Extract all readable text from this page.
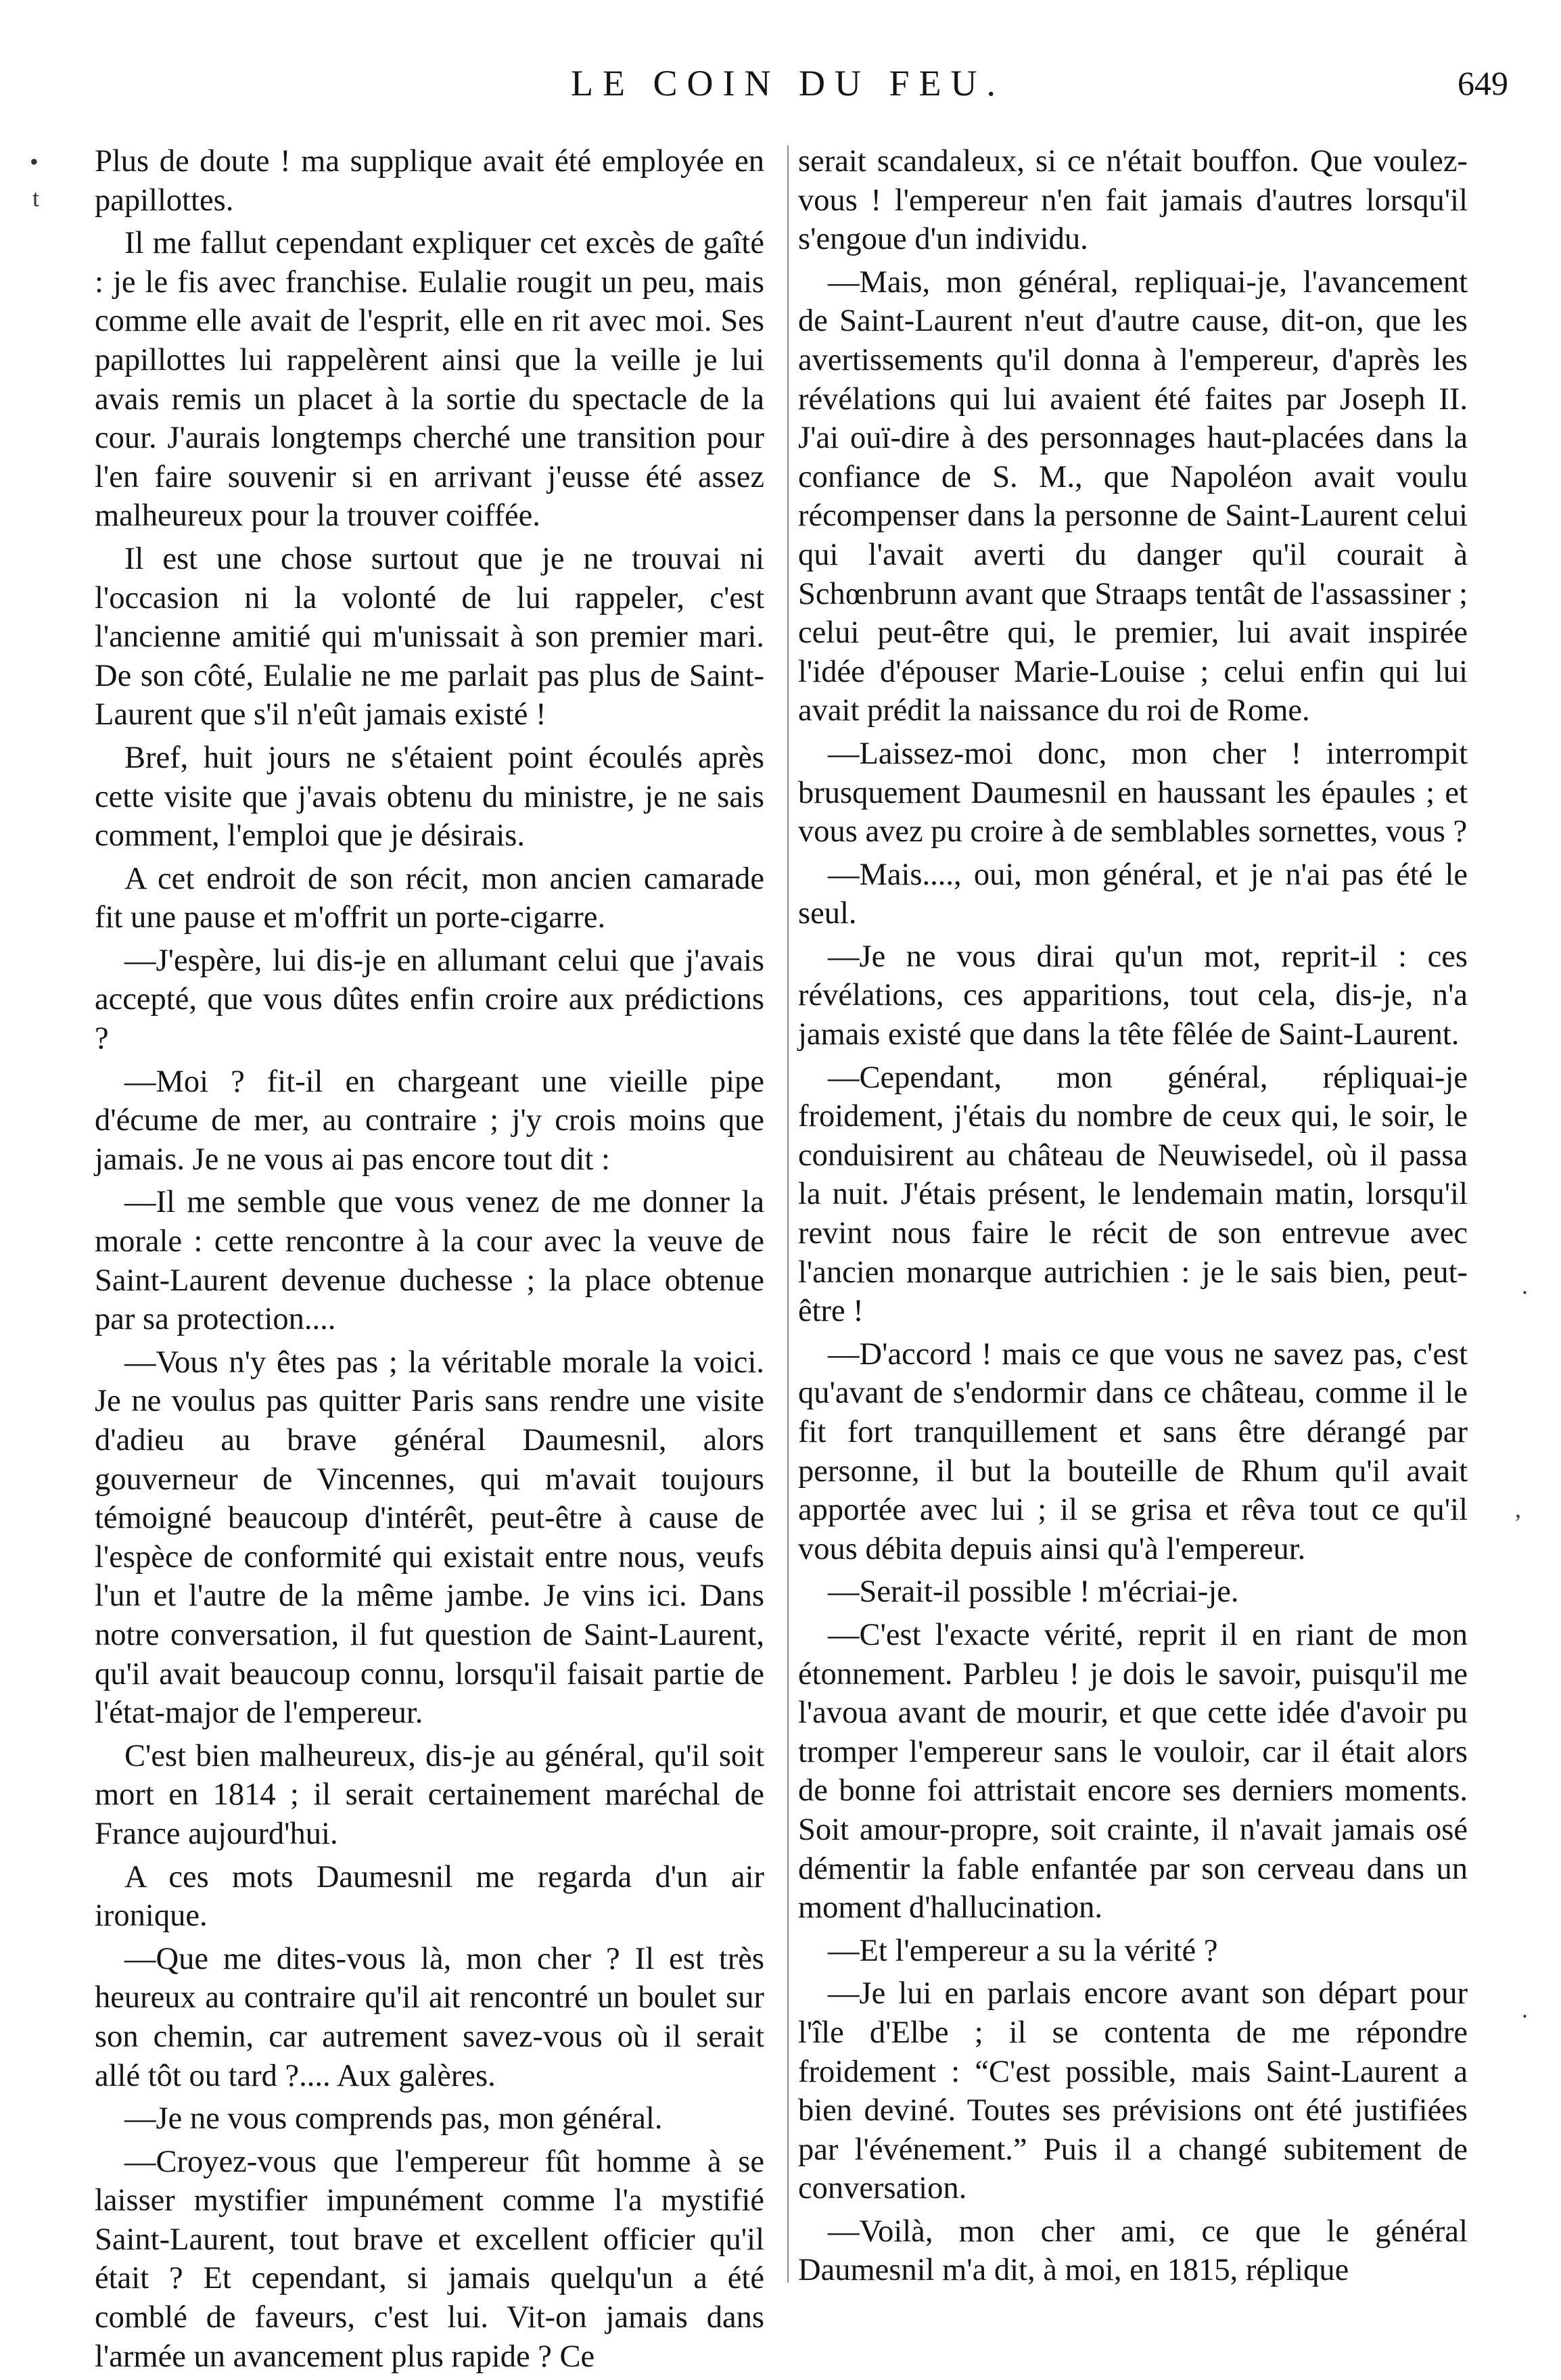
LE COIN DU FEU.	649
•
t
.
,
.

Plus de doute ! ma supplique avait été employée en papillottes.

Il me fallut cependant expliquer cet excès de gaîté : je le fis avec franchise. Eulalie rougit un peu, mais comme elle avait de l'esprit, elle en rit avec moi. Ses papillottes lui rappelèrent ainsi que la veille je lui avais remis un placet à la sortie du spectacle de la cour. J'aurais longtemps cherché une transition pour l'en faire souvenir si en arrivant j'eusse été assez malheureux pour la trouver coiffée.

Il est une chose surtout que je ne trouvai ni l'occasion ni la volonté de lui rappeler, c'est l'ancienne amitié qui m'unissait à son premier mari. De son côté, Eulalie ne me parlait pas plus de Saint-Laurent que s'il n'eût jamais existé !

Bref, huit jours ne s'étaient point écoulés après cette visite que j'avais obtenu du ministre, je ne sais comment, l'emploi que je désirais.

A cet endroit de son récit, mon ancien camarade fit une pause et m'offrit un porte-cigarre.

—J'espère, lui dis-je en allumant celui que j'avais accepté, que vous dûtes enfin croire aux prédictions ?

—Moi ? fit-il en chargeant une vieille pipe d'écume de mer, au contraire ; j'y crois moins que jamais. Je ne vous ai pas encore tout dit :

—Il me semble que vous venez de me donner la morale : cette rencontre à la cour avec la veuve de Saint-Laurent devenue duchesse ; la place obtenue par sa protection....

—Vous n'y êtes pas ; la véritable morale la voici. Je ne voulus pas quitter Paris sans rendre une visite d'adieu au brave général Daumesnil, alors gouverneur de Vincennes, qui m'avait toujours témoigné beaucoup d'intérêt, peut-être à cause de l'espèce de conformité qui existait entre nous, veufs l'un et l'autre de la même jambe. Je vins ici. Dans notre conversation, il fut question de Saint-Laurent, qu'il avait beaucoup connu, lorsqu'il faisait partie de l'état-major de l'empereur.

C'est bien malheureux, dis-je au général, qu'il soit mort en 1814 ; il serait certainement maréchal de France aujourd'hui.

A ces mots Daumesnil me regarda d'un air ironique.

—Que me dites-vous là, mon cher ? Il est très heureux au contraire qu'il ait rencontré un boulet sur son chemin, car autrement savez-vous où il serait allé tôt ou tard ?.... Aux galères.

—Je ne vous comprends pas, mon général.

—Croyez-vous que l'empereur fût homme à se laisser mystifier impunément comme l'a mystifié Saint-Laurent, tout brave et excellent officier qu'il était ? Et cependant, si jamais quelqu'un a été comblé de faveurs, c'est lui. Vit-on jamais dans l'armée un avancement plus rapide ? Ce

serait scandaleux, si ce n'était bouffon. Que voulez-vous ! l'empereur n'en fait jamais d'autres lorsqu'il s'engoue d'un individu.

—Mais, mon général, repliquai-je, l'avancement de Saint-Laurent n'eut d'autre cause, dit-on, que les avertissements qu'il donna à l'empereur, d'après les révélations qui lui avaient été faites par Joseph II. J'ai ouï-dire à des personnages haut-placées dans la confiance de S. M., que Napoléon avait voulu récompenser dans la personne de Saint-Laurent celui qui l'avait averti du danger qu'il courait à Schœnbrunn avant que Straaps tentât de l'assassiner ; celui peut-être qui, le premier, lui avait inspirée l'idée d'épouser Marie-Louise ; celui enfin qui lui avait prédit la naissance du roi de Rome.

—Laissez-moi donc, mon cher ! interrompit brusquement Daumesnil en haussant les épaules ; et vous avez pu croire à de semblables sornettes, vous ?

—Mais...., oui, mon général, et je n'ai pas été le seul.

—Je ne vous dirai qu'un mot, reprit-il : ces révélations, ces apparitions, tout cela, dis-je, n'a jamais existé que dans la tête fêlée de Saint-Laurent.

—Cependant, mon général, répliquai-je froidement, j'étais du nombre de ceux qui, le soir, le conduisirent au château de Neuwisedel, où il passa la nuit. J'étais présent, le lendemain matin, lorsqu'il revint nous faire le récit de son entrevue avec l'ancien monarque autrichien : je le sais bien, peut-être !

—D'accord ! mais ce que vous ne savez pas, c'est qu'avant de s'endormir dans ce château, comme il le fit fort tranquillement et sans être dérangé par personne, il but la bouteille de Rhum qu'il avait apportée avec lui ; il se grisa et rêva tout ce qu'il vous débita depuis ainsi qu'à l'empereur.

—Serait-il possible ! m'écriai-je.

—C'est l'exacte vérité, reprit il en riant de mon étonnement. Parbleu ! je dois le savoir, puisqu'il me l'avoua avant de mourir, et que cette idée d'avoir pu tromper l'empereur sans le vouloir, car il était alors de bonne foi attristait encore ses derniers moments. Soit amour-propre, soit crainte, il n'avait jamais osé démentir la fable enfantée par son cerveau dans un moment d'hallucination.

—Et l'empereur a su la vérité ?

—Je lui en parlais encore avant son départ pour l'île d'Elbe ; il se contenta de me répondre froidement : “C'est possible, mais Saint-Laurent a bien deviné. Toutes ses prévisions ont été justifiées par l'événement.” Puis il a changé subitement de conversation.

—Voilà, mon cher ami, ce que le général Daumesnil m'a dit, à moi, en 1815, réplique
